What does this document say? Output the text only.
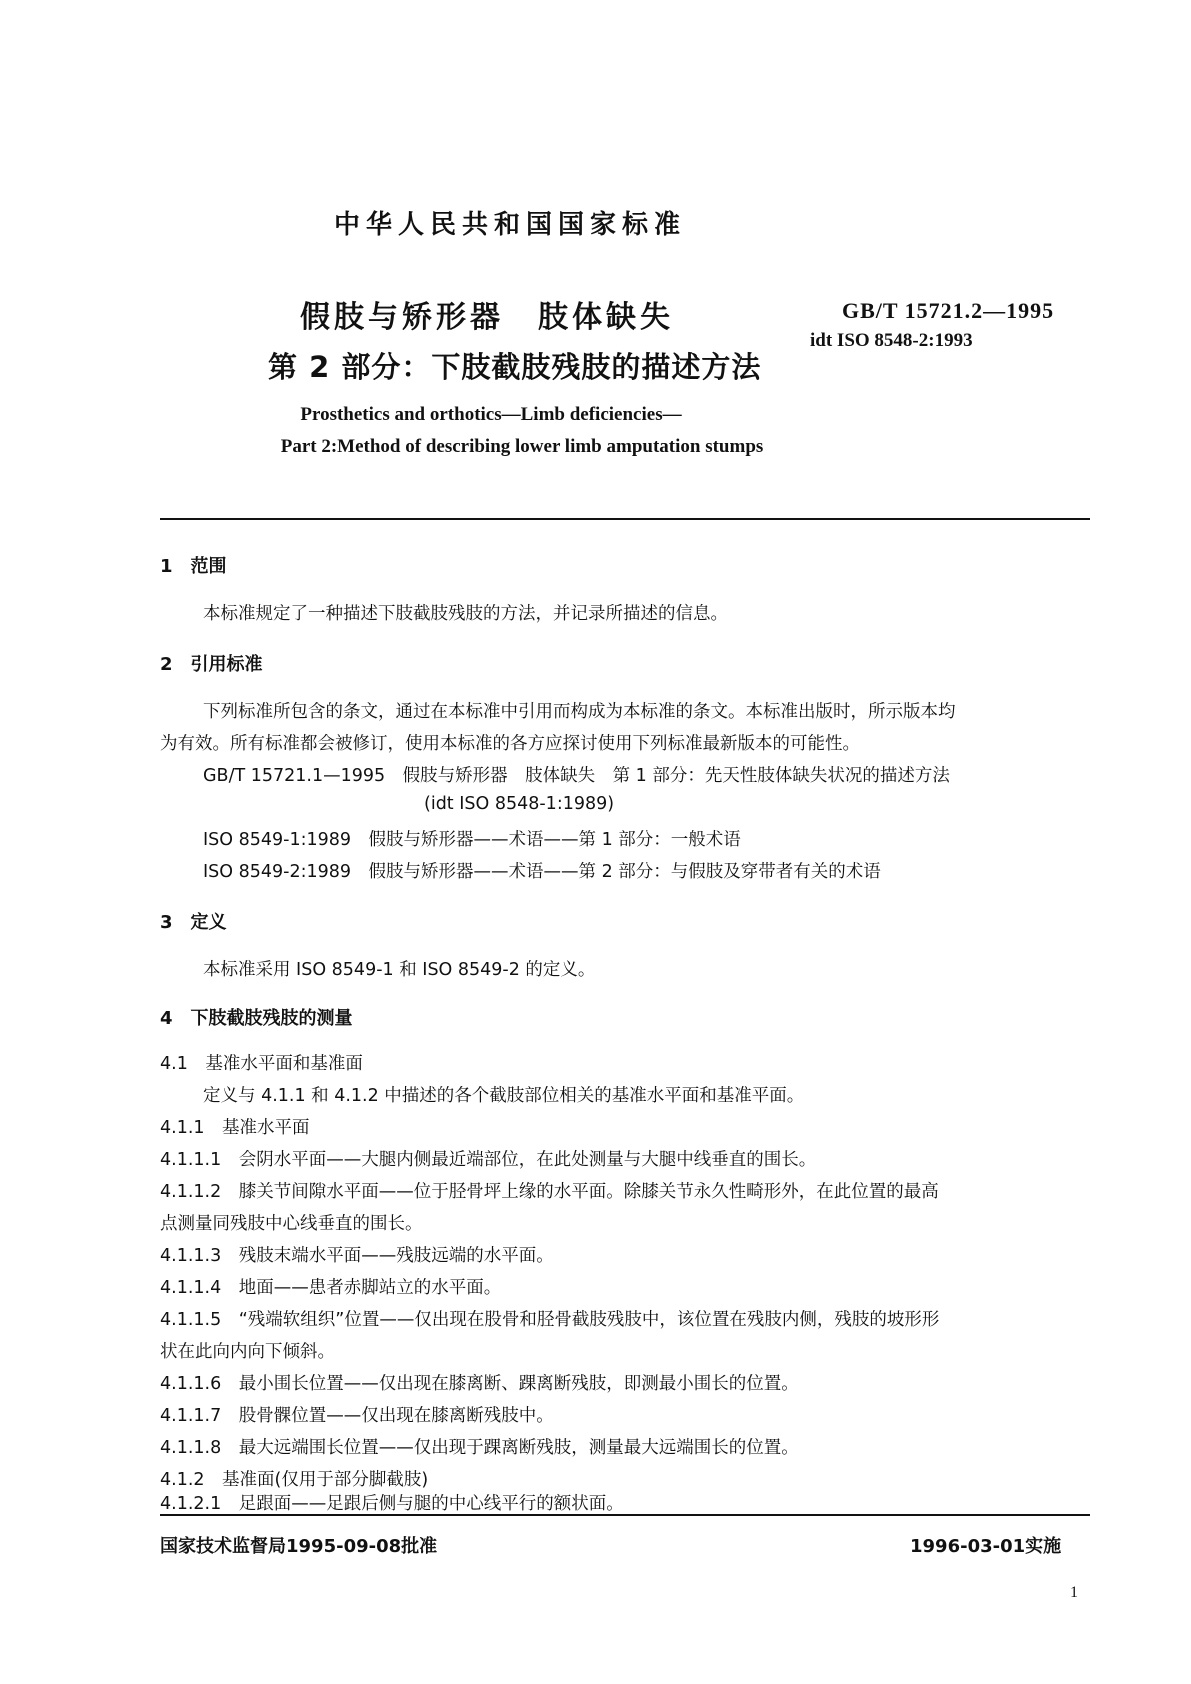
中华人民共和国国家标准
假肢与矫形器　肢体缺失
第 2 部分：下肢截肢残肢的描述方法
GB/T 15721.2—1995
idt ISO 8548-2:1993
Prosthetics and orthotics—Limb deficiencies—
Part 2:Method of describing lower limb amputation stumps
1　范围
本标准规定了一种描述下肢截肢残肢的方法，并记录所描述的信息。
2　引用标准
下列标准所包含的条文，通过在本标准中引用而构成为本标准的条文。本标准出版时，所示版本均
为有效。所有标准都会被修订，使用本标准的各方应探讨使用下列标准最新版本的可能性。
GB/T 15721.1—1995　假肢与矫形器　肢体缺失　第 1 部分：先天性肢体缺失状况的描述方法
(idt ISO 8548-1:1989)
ISO 8549-1:1989　假肢与矫形器——术语——第 1 部分：一般术语
ISO 8549-2:1989　假肢与矫形器——术语——第 2 部分：与假肢及穿带者有关的术语
3　定义
本标准采用 ISO 8549-1 和 ISO 8549-2 的定义。
4　下肢截肢残肢的测量
4.1　基准水平面和基准面
定义与 4.1.1 和 4.1.2 中描述的各个截肢部位相关的基准水平面和基准平面。
4.1.1　基准水平面
4.1.1.1　会阴水平面——大腿内侧最近端部位，在此处测量与大腿中线垂直的围长。
4.1.1.2　膝关节间隙水平面——位于胫骨坪上缘的水平面。除膝关节永久性畸形外，在此位置的最高
点测量同残肢中心线垂直的围长。
4.1.1.3　残肢末端水平面——残肢远端的水平面。
4.1.1.4　地面——患者赤脚站立的水平面。
4.1.1.5　“残端软组织”位置——仅出现在股骨和胫骨截肢残肢中，该位置在残肢内侧，残肢的坡形形
状在此向内向下倾斜。
4.1.1.6　最小围长位置——仅出现在膝离断、踝离断残肢，即测最小围长的位置。
4.1.1.7　股骨髁位置——仅出现在膝离断残肢中。
4.1.1.8　最大远端围长位置——仅出现于踝离断残肢，测量最大远端围长的位置。
4.1.2　基准面(仅用于部分脚截肢)
4.1.2.1　足跟面——足跟后侧与腿的中心线平行的额状面。
国家技术监督局1995-09-08批准	1996-03-01实施
1
